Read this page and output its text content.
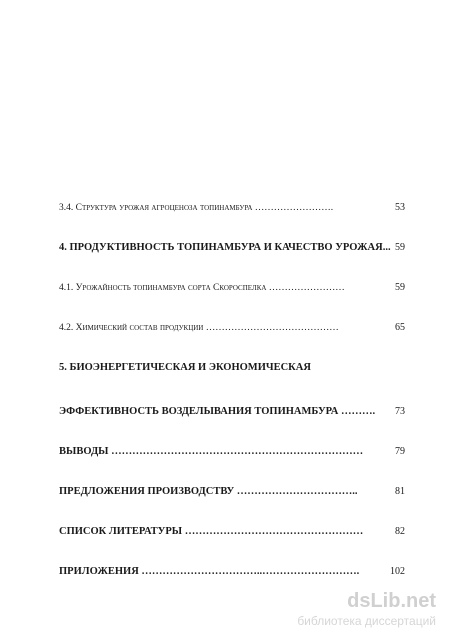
3.4. Структура урожая агроценоза топинамбура …………………….	53
4. ПРОДУКТИВНОСТЬ ТОПИНАМБУРА И КАЧЕСТВО УРОЖАЯ... 59
4.1. Урожайность топинамбура сорта Скороспелка ……………………	59
4.2. Химический состав продукции ……………………………………	65
5. БИОЭНЕРГЕТИЧЕСКАЯ И ЭКОНОМИЧЕСКАЯ
ЭФФЕКТИВНОСТЬ ВОЗДЕЛЫВАНИЯ ТОПИНАМБУРА ………. 73
ВЫВОДЫ ………………………………………………………………	79
ПРЕДЛОЖЕНИЯ ПРОИЗВОДСТВУ ……………………………..	81
СПИСОК ЛИТЕРАТУРЫ ……………………………………………	82
ПРИЛОЖЕНИЯ ……………………………..……………………….	102
dsLib.net
библиотека диссертаций
